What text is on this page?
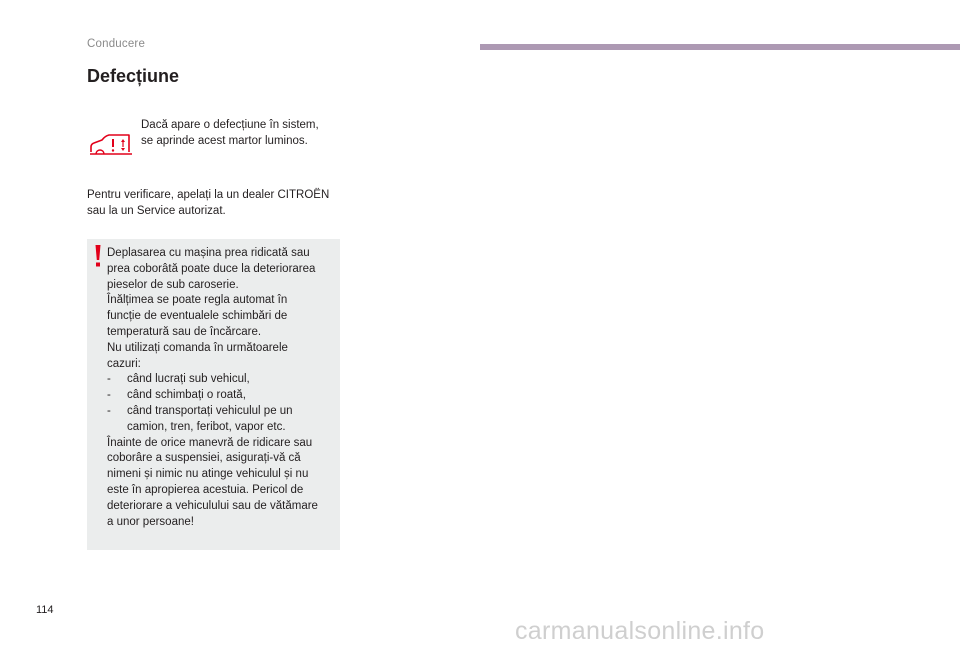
Conducere
Defecțiune
Dacă apare o defecțiune în sistem,
se aprinde acest martor luminos.
Pentru verificare, apelați la un dealer CITROËN
sau la un Service autorizat.
Deplasarea cu mașina prea ridicată sau
prea coborâtă poate duce la deteriorarea
pieselor de sub caroserie.
Înălțimea se poate regla automat în
funcție de eventualele schimbări de
temperatură sau de încărcare.
Nu utilizați comanda în următoarele
cazuri:
- când lucrați sub vehicul,
- când schimbați o roată,
- când transportați vehiculul pe un
camion, tren, feribot, vapor etc.
Înainte de orice manevră de ridicare sau
coborâre a suspensiei, asigurați-vă că
nimeni și nimic nu atinge vehiculul și nu
este în apropierea acestuia. Pericol de
deteriorare a vehiculului sau de vătămare
a unor persoane!
114
carmanualsonline.info
